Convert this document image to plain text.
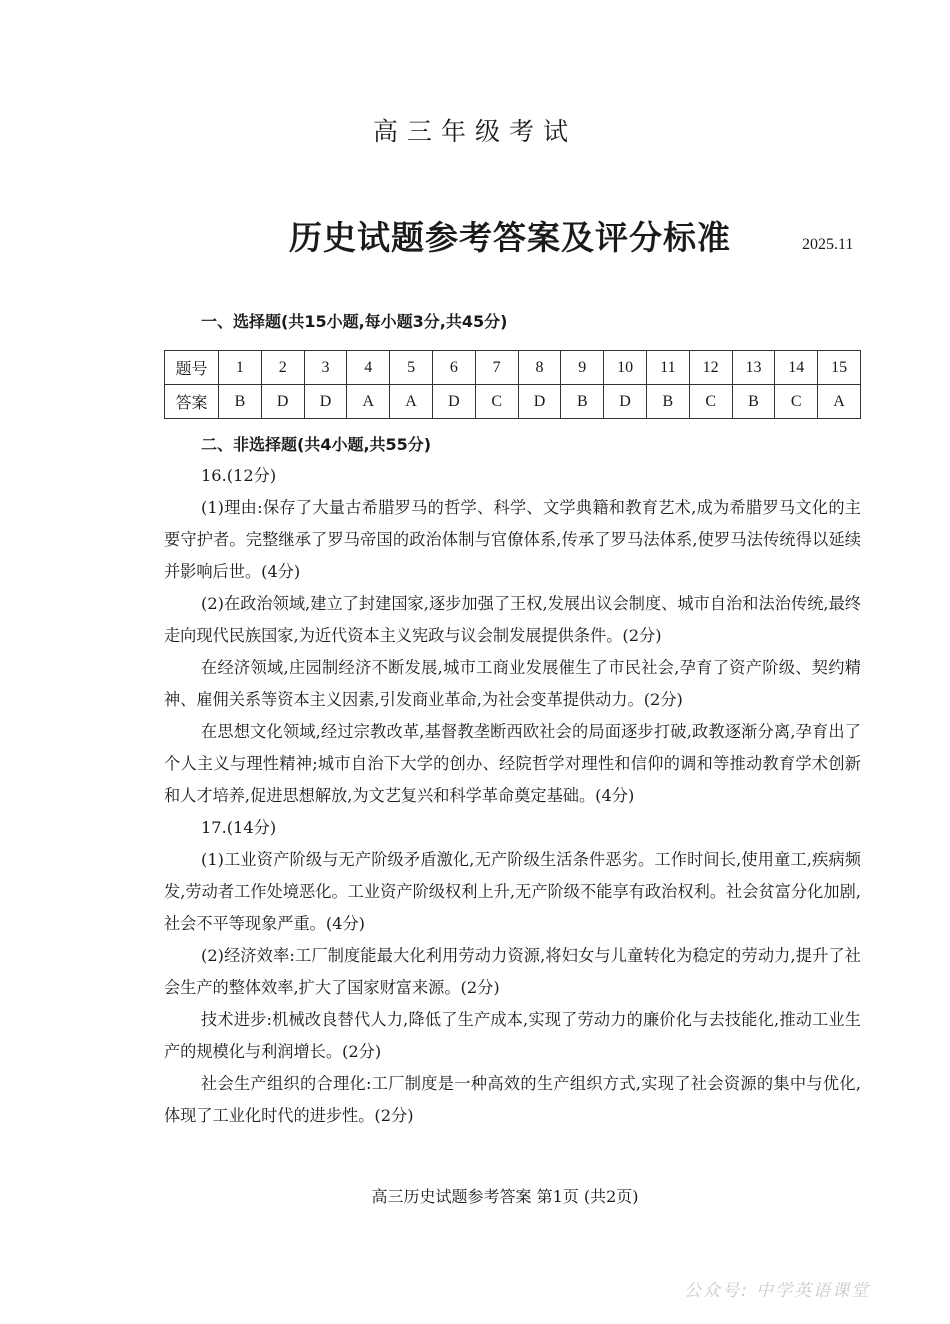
高三年级考试
历史试题参考答案及评分标准	2025.11
一、选择题(共15小题,每小题3分,共45分)
题号	1	2	3	4	5	6	7	8	9	10	11	12	13	14	15
答案	B	D	D	A	A	D	C	D	B	D	B	C	B	C	A
二、非选择题(共4小题,共55分)

16.(12分)

(1)理由:保存了大量古希腊罗马的哲学、科学、文学典籍和教育艺术,成为希腊罗马文化的主要守护者。完整继承了罗马帝国的政治体制与官僚体系,传承了罗马法体系,使罗马法传统得以延续并影响后世。(4分)

(2)在政治领域,建立了封建国家,逐步加强了王权,发展出议会制度、城市自治和法治传统,最终走向现代民族国家,为近代资本主义宪政与议会制发展提供条件。(2分)

在经济领域,庄园制经济不断发展,城市工商业发展催生了市民社会,孕育了资产阶级、契约精神、雇佣关系等资本主义因素,引发商业革命,为社会变革提供动力。(2分)

在思想文化领域,经过宗教改革,基督教垄断西欧社会的局面逐步打破,政教逐渐分离,孕育出了个人主义与理性精神;城市自治下大学的创办、经院哲学对理性和信仰的调和等推动教育学术创新和人才培养,促进思想解放,为文艺复兴和科学革命奠定基础。(4分)

17.(14分)

(1)工业资产阶级与无产阶级矛盾激化,无产阶级生活条件恶劣。工作时间长,使用童工,疾病频发,劳动者工作处境恶化。工业资产阶级权利上升,无产阶级不能享有政治权利。社会贫富分化加剧,社会不平等现象严重。(4分)

(2)经济效率:工厂制度能最大化利用劳动力资源,将妇女与儿童转化为稳定的劳动力,提升了社会生产的整体效率,扩大了国家财富来源。(2分)

技术进步:机械改良替代人力,降低了生产成本,实现了劳动力的廉价化与去技能化,推动工业生产的规模化与利润增长。(2分)

社会生产组织的合理化:工厂制度是一种高效的生产组织方式,实现了社会资源的集中与优化,体现了工业化时代的进步性。(2分)

高三历史试题参考答案 第1页 (共2页)
公众号: 中学英语课堂
